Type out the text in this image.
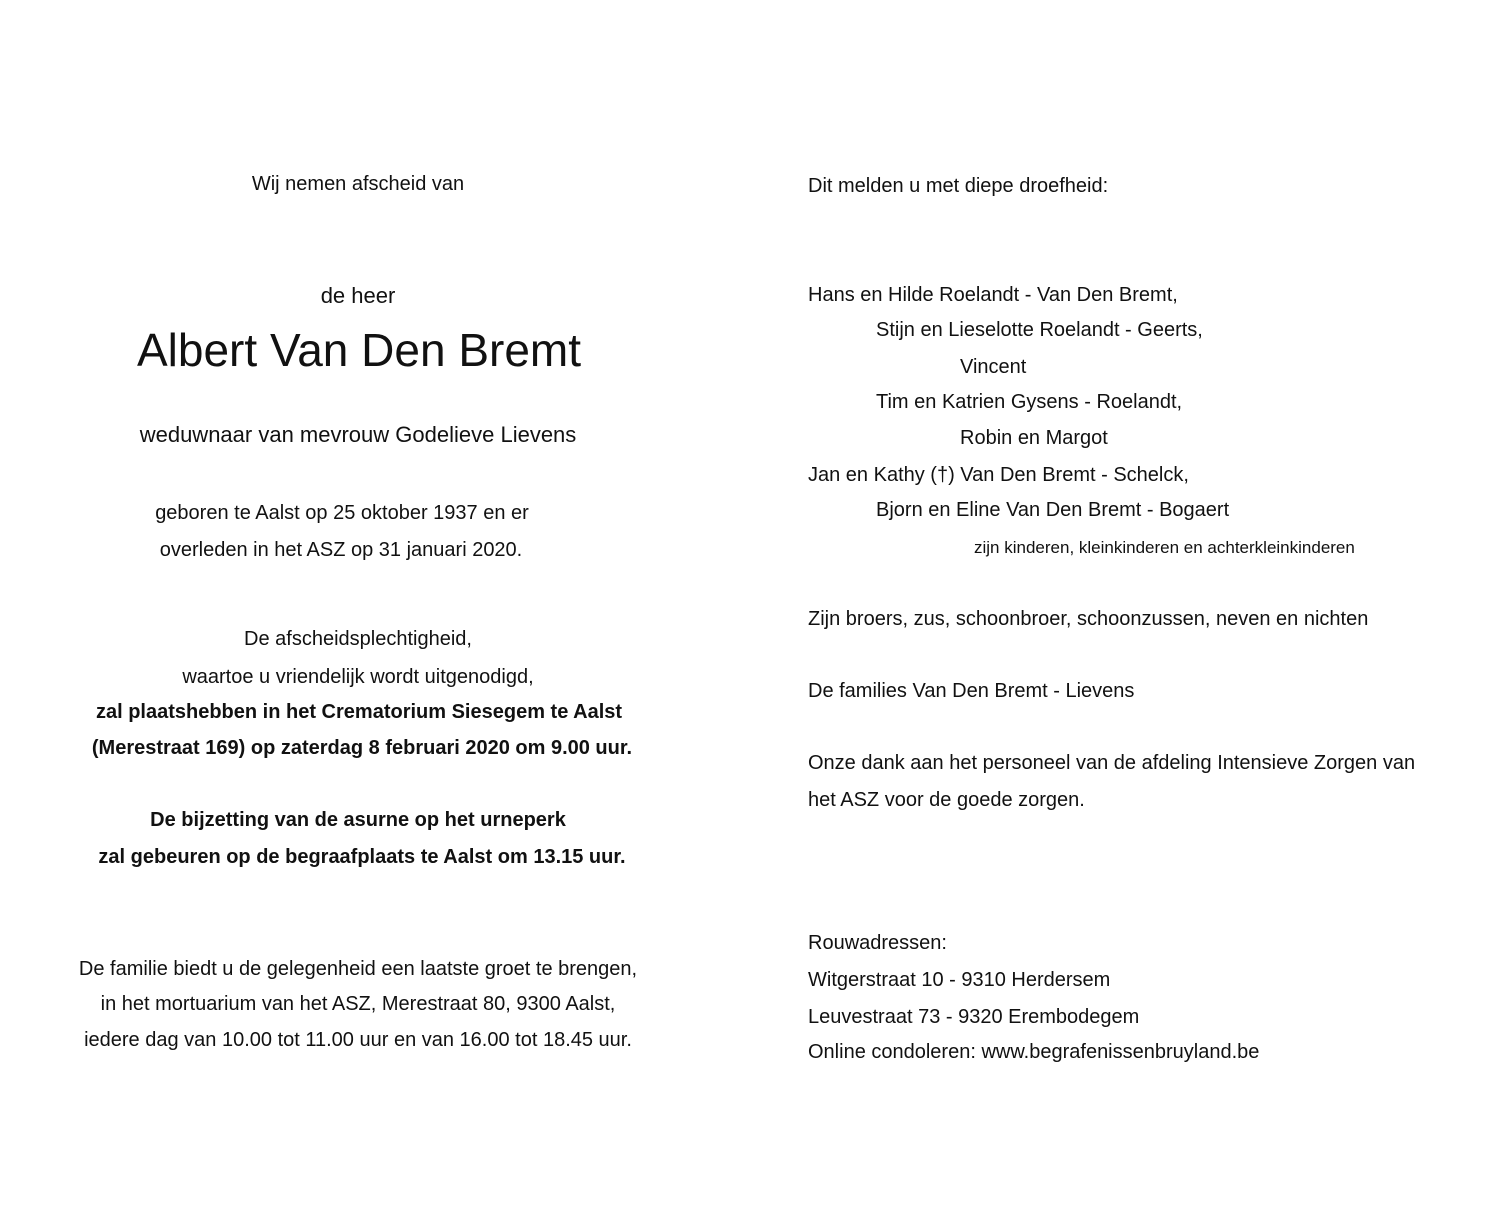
Wij nemen afscheid van
de heer
Albert Van Den Bremt
weduwnaar van mevrouw Godelieve Lievens
geboren te Aalst op 25 oktober 1937 en er
overleden in het ASZ op 31 januari 2020.
De afscheidsplechtigheid,
waartoe u vriendelijk wordt uitgenodigd,
zal plaatshebben in het Crematorium Siesegem te Aalst
(Merestraat 169) op zaterdag 8 februari 2020 om 9.00 uur.
De bijzetting van de asurne op het urneperk
zal gebeuren op de begraafplaats te Aalst om 13.15 uur.
De familie biedt u de gelegenheid een laatste groet te brengen,
in het mortuarium van het ASZ, Merestraat 80, 9300 Aalst,
iedere dag van 10.00 tot 11.00 uur en van 16.00 tot 18.45 uur.
Dit melden u met diepe droefheid:
Hans en Hilde Roelandt - Van Den Bremt,
Stijn en Lieselotte Roelandt - Geerts,
Vincent
Tim en Katrien Gysens - Roelandt,
Robin en Margot
Jan en Kathy (†) Van Den Bremt - Schelck,
Bjorn en Eline Van Den Bremt - Bogaert
zijn kinderen, kleinkinderen en achterkleinkinderen
Zijn broers, zus, schoonbroer, schoonzussen, neven en nichten
De families Van Den Bremt - Lievens
Onze dank aan het personeel van de afdeling Intensieve Zorgen van
het ASZ voor de goede zorgen.
Rouwadressen:
Witgerstraat 10 - 9310 Herdersem
Leuvestraat 73 - 9320 Erembodegem
Online condoleren: www.begrafenissenbruyland.be
